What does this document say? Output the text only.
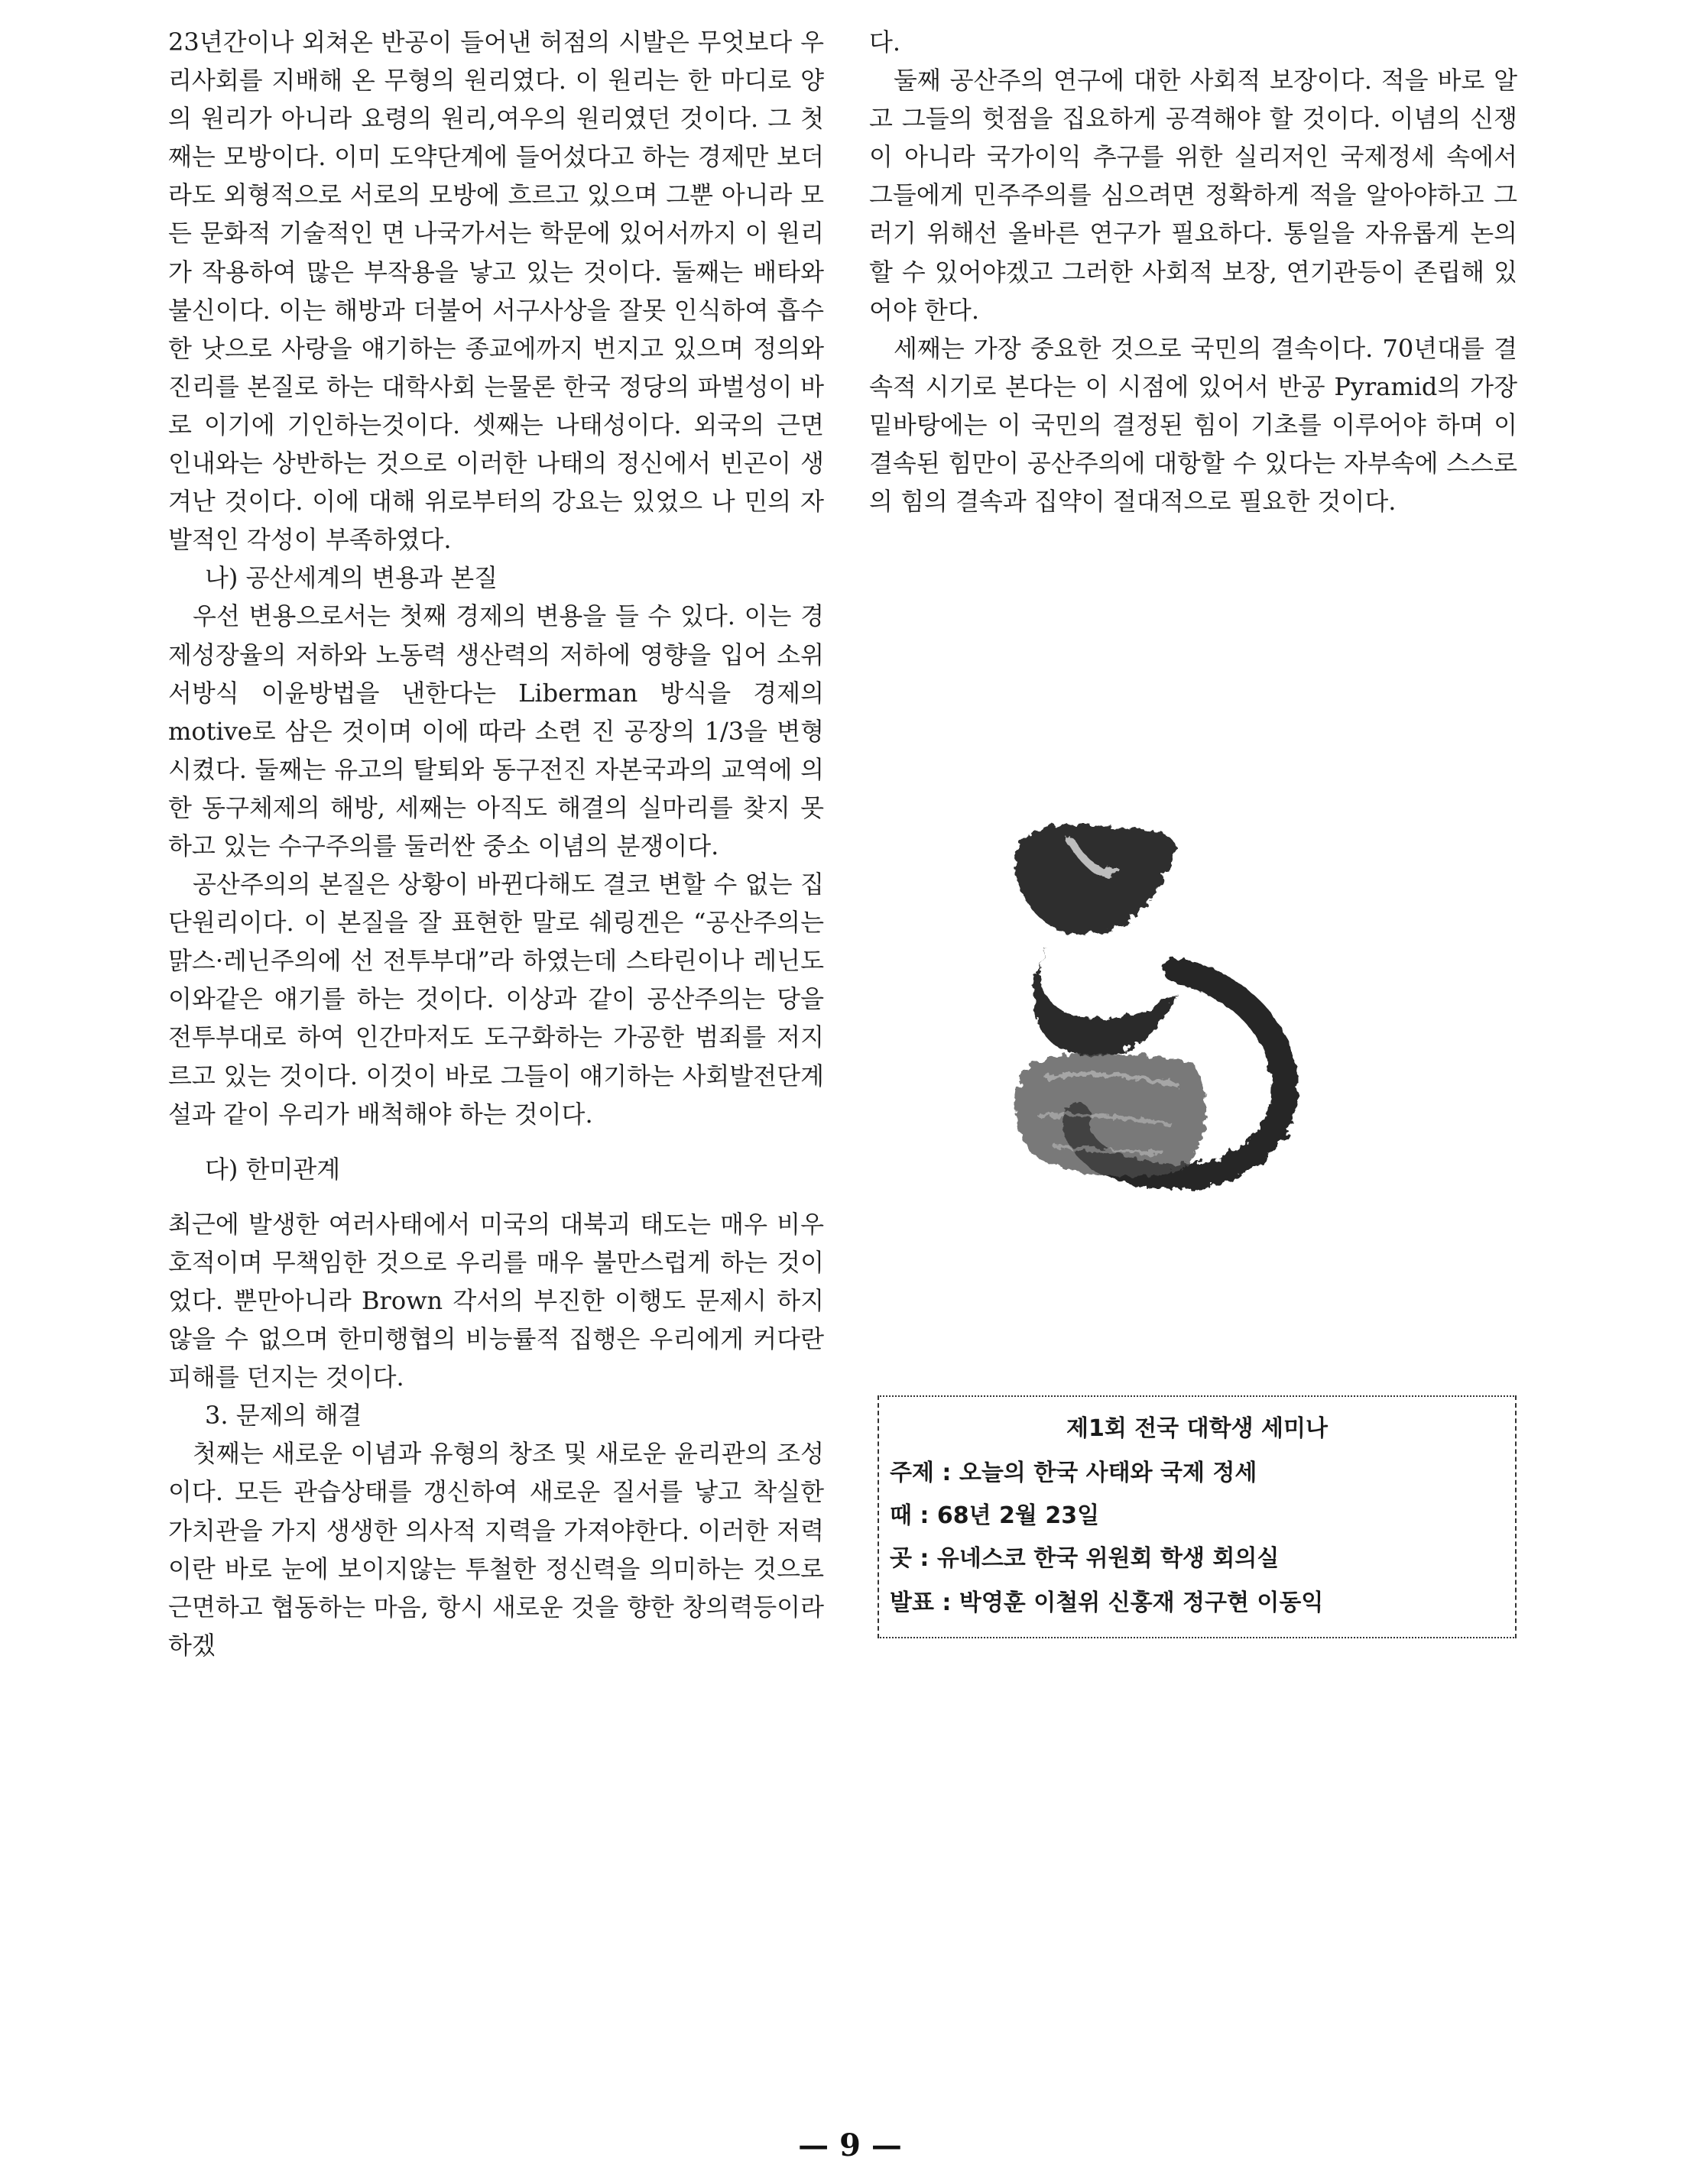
23년간이나 외쳐온 반공이 들어낸 허점의 시발은 무엇보다 우리사회를 지배해 온 무형의 원리였다. 이 원리는 한 마디로 양의 원리가 아니라 요령의 원리,여우의 원리였던 것이다. 그 첫째는 모방이다. 이미 도약단계에 들어섰다고 하는 경제만 보더라도 외형적으로 서로의 모방에 흐르고 있으며 그뿐 아니라 모든 문화적 기술적인 면 나국가서는 학문에 있어서까지 이 원리가 작용하여 많은 부작용을 낳고 있는 것이다. 둘째는 배타와 불신이다. 이는 해방과 더불어 서구사상을 잘못 인식하여 흡수한 낫으로 사랑을 얘기하는 종교에까지 번지고 있으며 정의와 진리를 본질로 하는 대학사회 는물론 한국 정당의 파벌성이 바로 이기에 기인하는것이다. 셋째는 나태성이다. 외국의 근면 인내와는 상반하는 것으로 이러한 나태의 정신에서 빈곤이 생겨난 것이다. 이에 대해 위로부터의 강요는 있었으 나 민의 자발적인 각성이 부족하였다.

나) 공산세계의 변용과 본질

우선 변용으로서는 첫째 경제의 변용을 들 수 있다. 이는 경제성장율의 저하와 노동력 생산력의 저하에 영향을 입어 소위 서방식 이윤방법을 낸한다는 Liberman 방식을 경제의 motive로 삼은 것이며 이에 따라 소련 진 공장의 1/3을 변형시켰다. 둘째는 유고의 탈퇴와 동구전진 자본국과의 교역에 의한 동구체제의 해방, 세째는 아직도 해결의 실마리를 찾지 못하고 있는 수구주의를 둘러싼 중소 이념의 분쟁이다.

공산주의의 본질은 상황이 바뀐다해도 결코 변할 수 없는 집단원리이다. 이 본질을 잘 표현한 말로 쉐링겐은 “공산주의는 맑스·레닌주의에 선 전투부대”라 하였는데 스타린이나 레닌도 이와같은 얘기를 하는 것이다. 이상과 같이 공산주의는 당을 전투부대로 하여 인간마저도 도구화하는 가공한 범죄를 저지르고 있는 것이다. 이것이 바로 그들이 얘기하는 사회발전단계설과 같이 우리가 배척해야 하는 것이다.

다) 한미관계

최근에 발생한 여러사태에서 미국의 대북괴 태도는 매우 비우호적이며 무책임한 것으로 우리를 매우 불만스럽게 하는 것이었다. 뿐만아니라 Brown 각서의 부진한 이행도 문제시 하지 않을 수 없으며 한미행협의 비능률적 집행은 우리에게 커다란 피해를 던지는 것이다.

3. 문제의 해결

첫째는 새로운 이념과 유형의 창조 및 새로운 윤리관의 조성이다. 모든 관습상태를 갱신하여 새로운 질서를 낳고 착실한 가치관을 가지 생생한 의사적 지력을 가져야한다. 이러한 저력이란 바로 눈에 보이지않는 투철한 정신력을 의미하는 것으로 근면하고 협동하는 마음, 항시 새로운 것을 향한 창의력등이라 하겠

다.

둘째 공산주의 연구에 대한 사회적 보장이다. 적을 바로 알고 그들의 헛점을 집요하게 공격해야 할 것이다. 이념의 신쟁이 아니라 국가이익 추구를 위한 실리저인 국제정세 속에서 그들에게 민주주의를 심으려면 정확하게 적을 알아야하고 그러기 위해선 올바른 연구가 필요하다. 통일을 자유롭게 논의할 수 있어야겠고 그러한 사회적 보장, 연기관등이 존립해 있어야 한다.

세째는 가장 중요한 것으로 국민의 결속이다. 70년대를 결속적 시기로 본다는 이 시점에 있어서 반공 Pyramid의 가장 밑바탕에는 이 국민의 결정된 힘이 기초를 이루어야 하며 이 결속된 힘만이 공산주의에 대항할 수 있다는 자부속에 스스로의 힘의 결속과 집약이 절대적으로 필요한 것이다.

제1회 전국 대학생 세미나
주제 : 오늘의 한국 사태와 국제 정세
때 : 68년 2월 23일
곳 : 유네스코 한국 위원회 학생 회의실
발표 : 박영훈 이철위 신홍재 정구현 이동익
— 9 —
